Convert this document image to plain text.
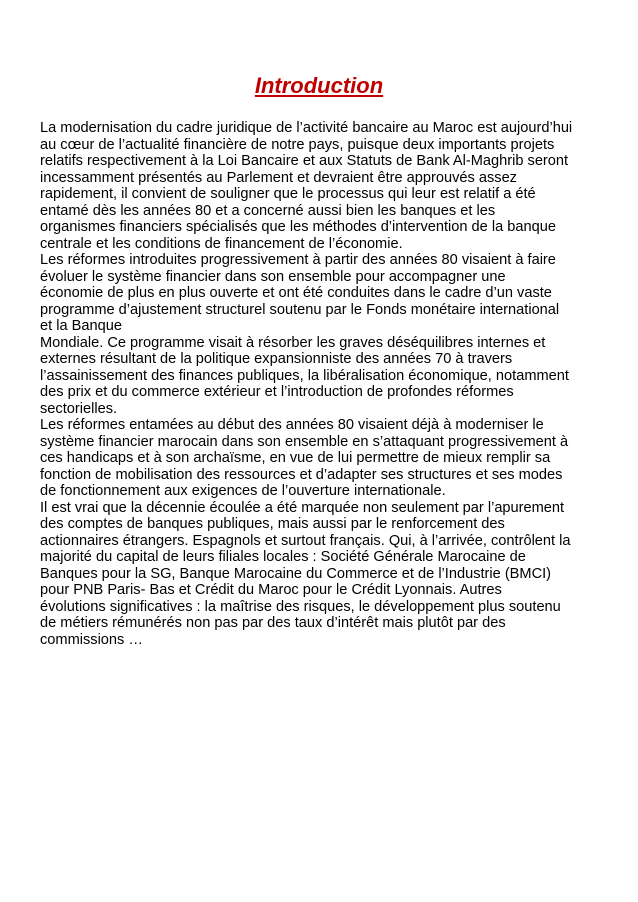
Introduction
La modernisation du cadre juridique de l’activité bancaire au Maroc est aujourd’hui
au cœur de l’actualité financière de notre pays, puisque deux importants projets
relatifs respectivement à la Loi Bancaire et aux Statuts de Bank Al-Maghrib seront
incessamment présentés au Parlement et devraient être approuvés assez
rapidement, il convient de souligner que le processus qui leur est relatif a été
entamé dès les années 80 et a concerné aussi bien les banques et les
organismes financiers spécialisés que les méthodes d’intervention de la banque
centrale et les conditions de financement de l’économie.
Les réformes introduites progressivement à partir des années 80 visaient à faire
évoluer le système financier dans son ensemble pour accompagner une
économie de plus en plus ouverte et ont été conduites dans le cadre d’un vaste
programme d’ajustement structurel soutenu par le Fonds monétaire international
et la Banque
Mondiale. Ce programme visait à résorber les graves déséquilibres internes et
externes résultant de la politique expansionniste des années 70 à travers
l’assainissement des finances publiques, la libéralisation économique, notamment
des prix et du commerce extérieur et l’introduction de profondes réformes
sectorielles.
Les réformes entamées au début des années 80 visaient déjà à moderniser le
système financier marocain dans son ensemble en s’attaquant progressivement à
ces handicaps et à son archaïsme, en vue de lui permettre de mieux remplir sa
fonction de mobilisation des ressources et d’adapter ses structures et ses modes
de fonctionnement aux exigences de l’ouverture internationale.
Il est vrai que la décennie écoulée a été marquée non seulement par l’apurement
des comptes de banques publiques, mais aussi par le renforcement des
actionnaires étrangers. Espagnols et surtout français. Qui, à l’arrivée, contrôlent la
majorité du capital de leurs filiales locales : Société Générale Marocaine de
Banques pour la SG, Banque Marocaine du Commerce et de l’Industrie (BMCI)
pour PNB Paris- Bas et Crédit du Maroc pour le Crédit Lyonnais. Autres
évolutions significatives : la maîtrise des risques, le développement plus soutenu
de métiers rémunérés non pas par des taux d’intérêt mais plutôt par des
commissions …
